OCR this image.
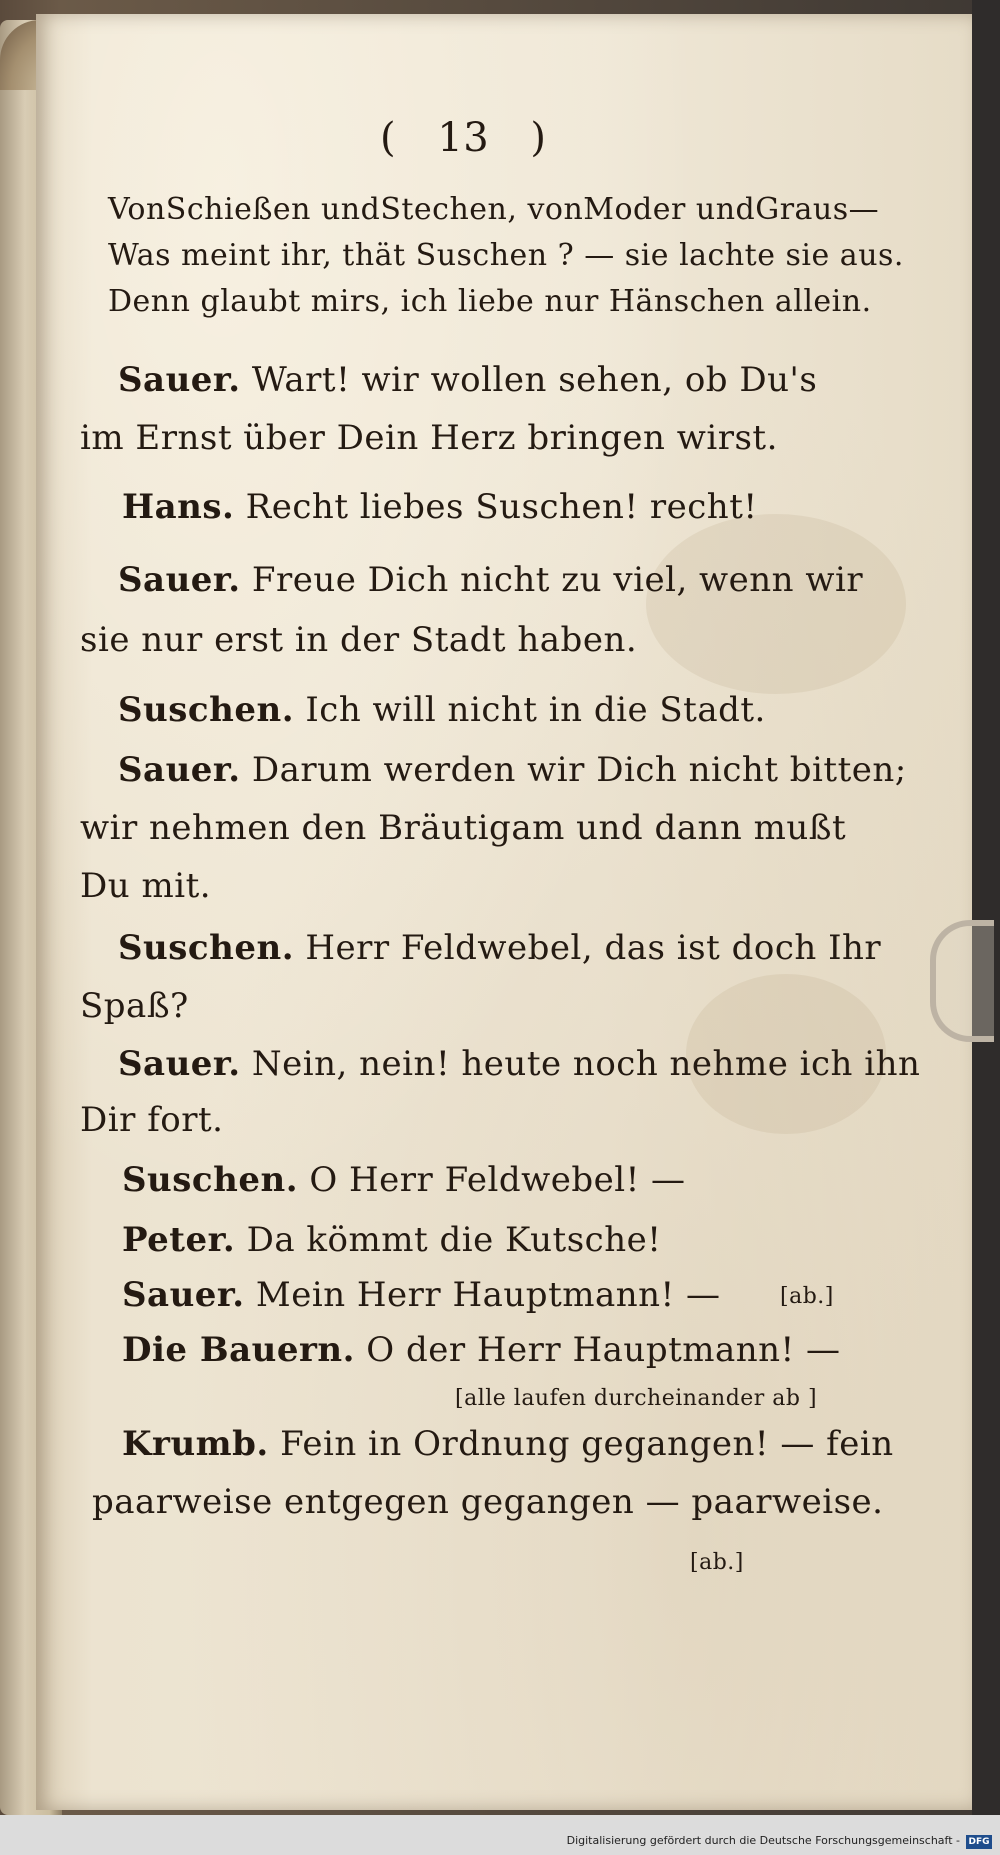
( 13 )
VonSchießen undStechen, vonModer undGraus—
Was meint ihr, thät Suschen ? — sie lachte sie aus.
Denn glaubt mirs, ich liebe nur Hänschen allein.
Sauer. Wart! wir wollen sehen, ob Du's
im Ernst über Dein Herz bringen wirst.
Hans. Recht liebes Suschen! recht!
Sauer. Freue Dich nicht zu viel, wenn wir
sie nur erst in der Stadt haben.
Suschen. Ich will nicht in die Stadt.
Sauer. Darum werden wir Dich nicht bitten;
wir nehmen den Bräutigam und dann mußt
Du mit.
Suschen. Herr Feldwebel, das ist doch Ihr
Spaß?
Sauer. Nein, nein! heute noch nehme ich ihn
Dir fort.
Suschen. O Herr Feldwebel! —
Peter. Da kömmt die Kutsche!
Sauer. Mein Herr Hauptmann! —	[ab.]
Die Bauern. O der Herr Hauptmann! —
[alle laufen durcheinander ab ]
Krumb. Fein in Ordnung gegangen! — fein
paarweise entgegen gegangen — paarweise.
[ab.]
Digitalisierung gefördert durch die Deutsche Forschungsgemeinschaft - DFG
